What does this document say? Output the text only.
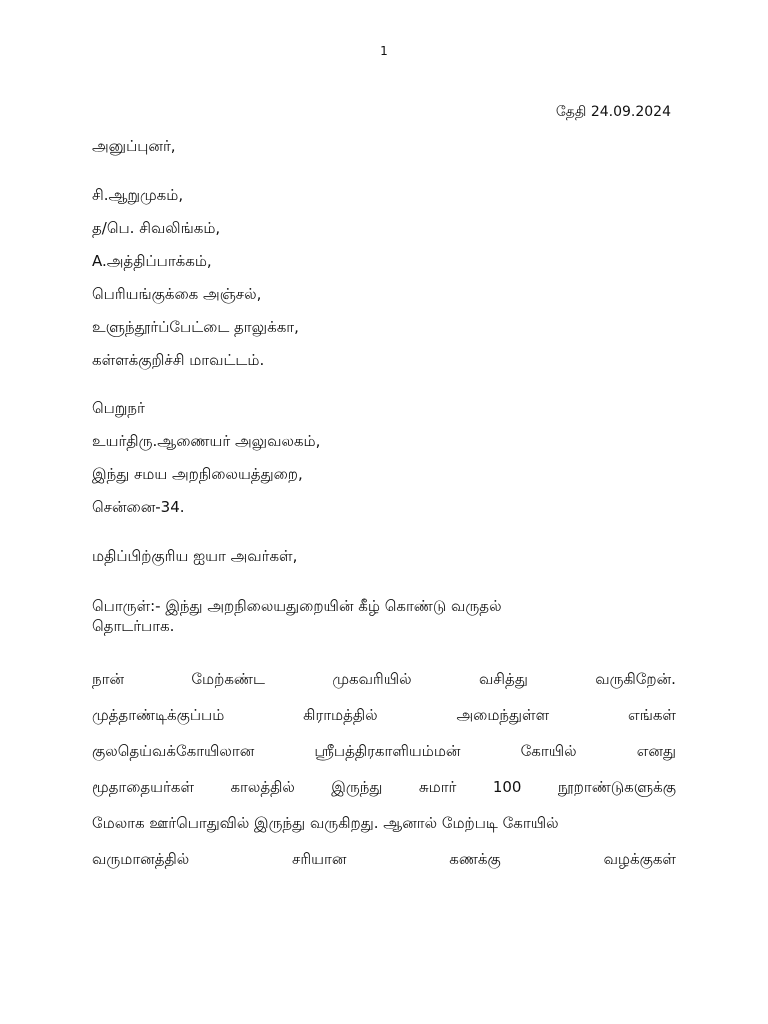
1
தேதி 24.09.2024
அனுப்புனர்,
சி.ஆறுமுகம்,
த/பெ. சிவலிங்கம்,
A.அத்திப்பாக்கம்,
பெரியங்குக்கை அஞ்சல்,
உளுந்தூர்ப்பேட்டை தாலுக்கா,
கள்ளக்குறிச்சி மாவட்டம்.
பெறுநர்
உயர்திரு.ஆணையர் அலுவலகம்,
இந்து சமய அறநிலையத்துறை,
சென்னை-34.
மதிப்பிற்குரிய ஐயா அவர்கள்,
பொருள்:- இந்து அறநிலையதுறையின் கீழ் கொண்டு வருதல்
தொடர்பாக.
நான்	மேற்கண்ட	முகவரியில்	வசித்து	வருகிறேன்.
முத்தாண்டிக்குப்பம்	கிராமத்தில்	அமைந்துள்ள	எங்கள்
குலதெய்வக்கோயிலான	ஸ்ரீபத்திரகாளியம்மன்	கோயில்	எனது
மூதாதையர்கள் காலத்தில் இருந்து சுமார் 100 நூறாண்டுகளுக்கு
மேலாக ஊர்பொதுவில் இருந்து வருகிறது. ஆனால் மேற்படி கோயில்
வருமானத்தில்	சரியான	கணக்கு	வழக்குகள்
